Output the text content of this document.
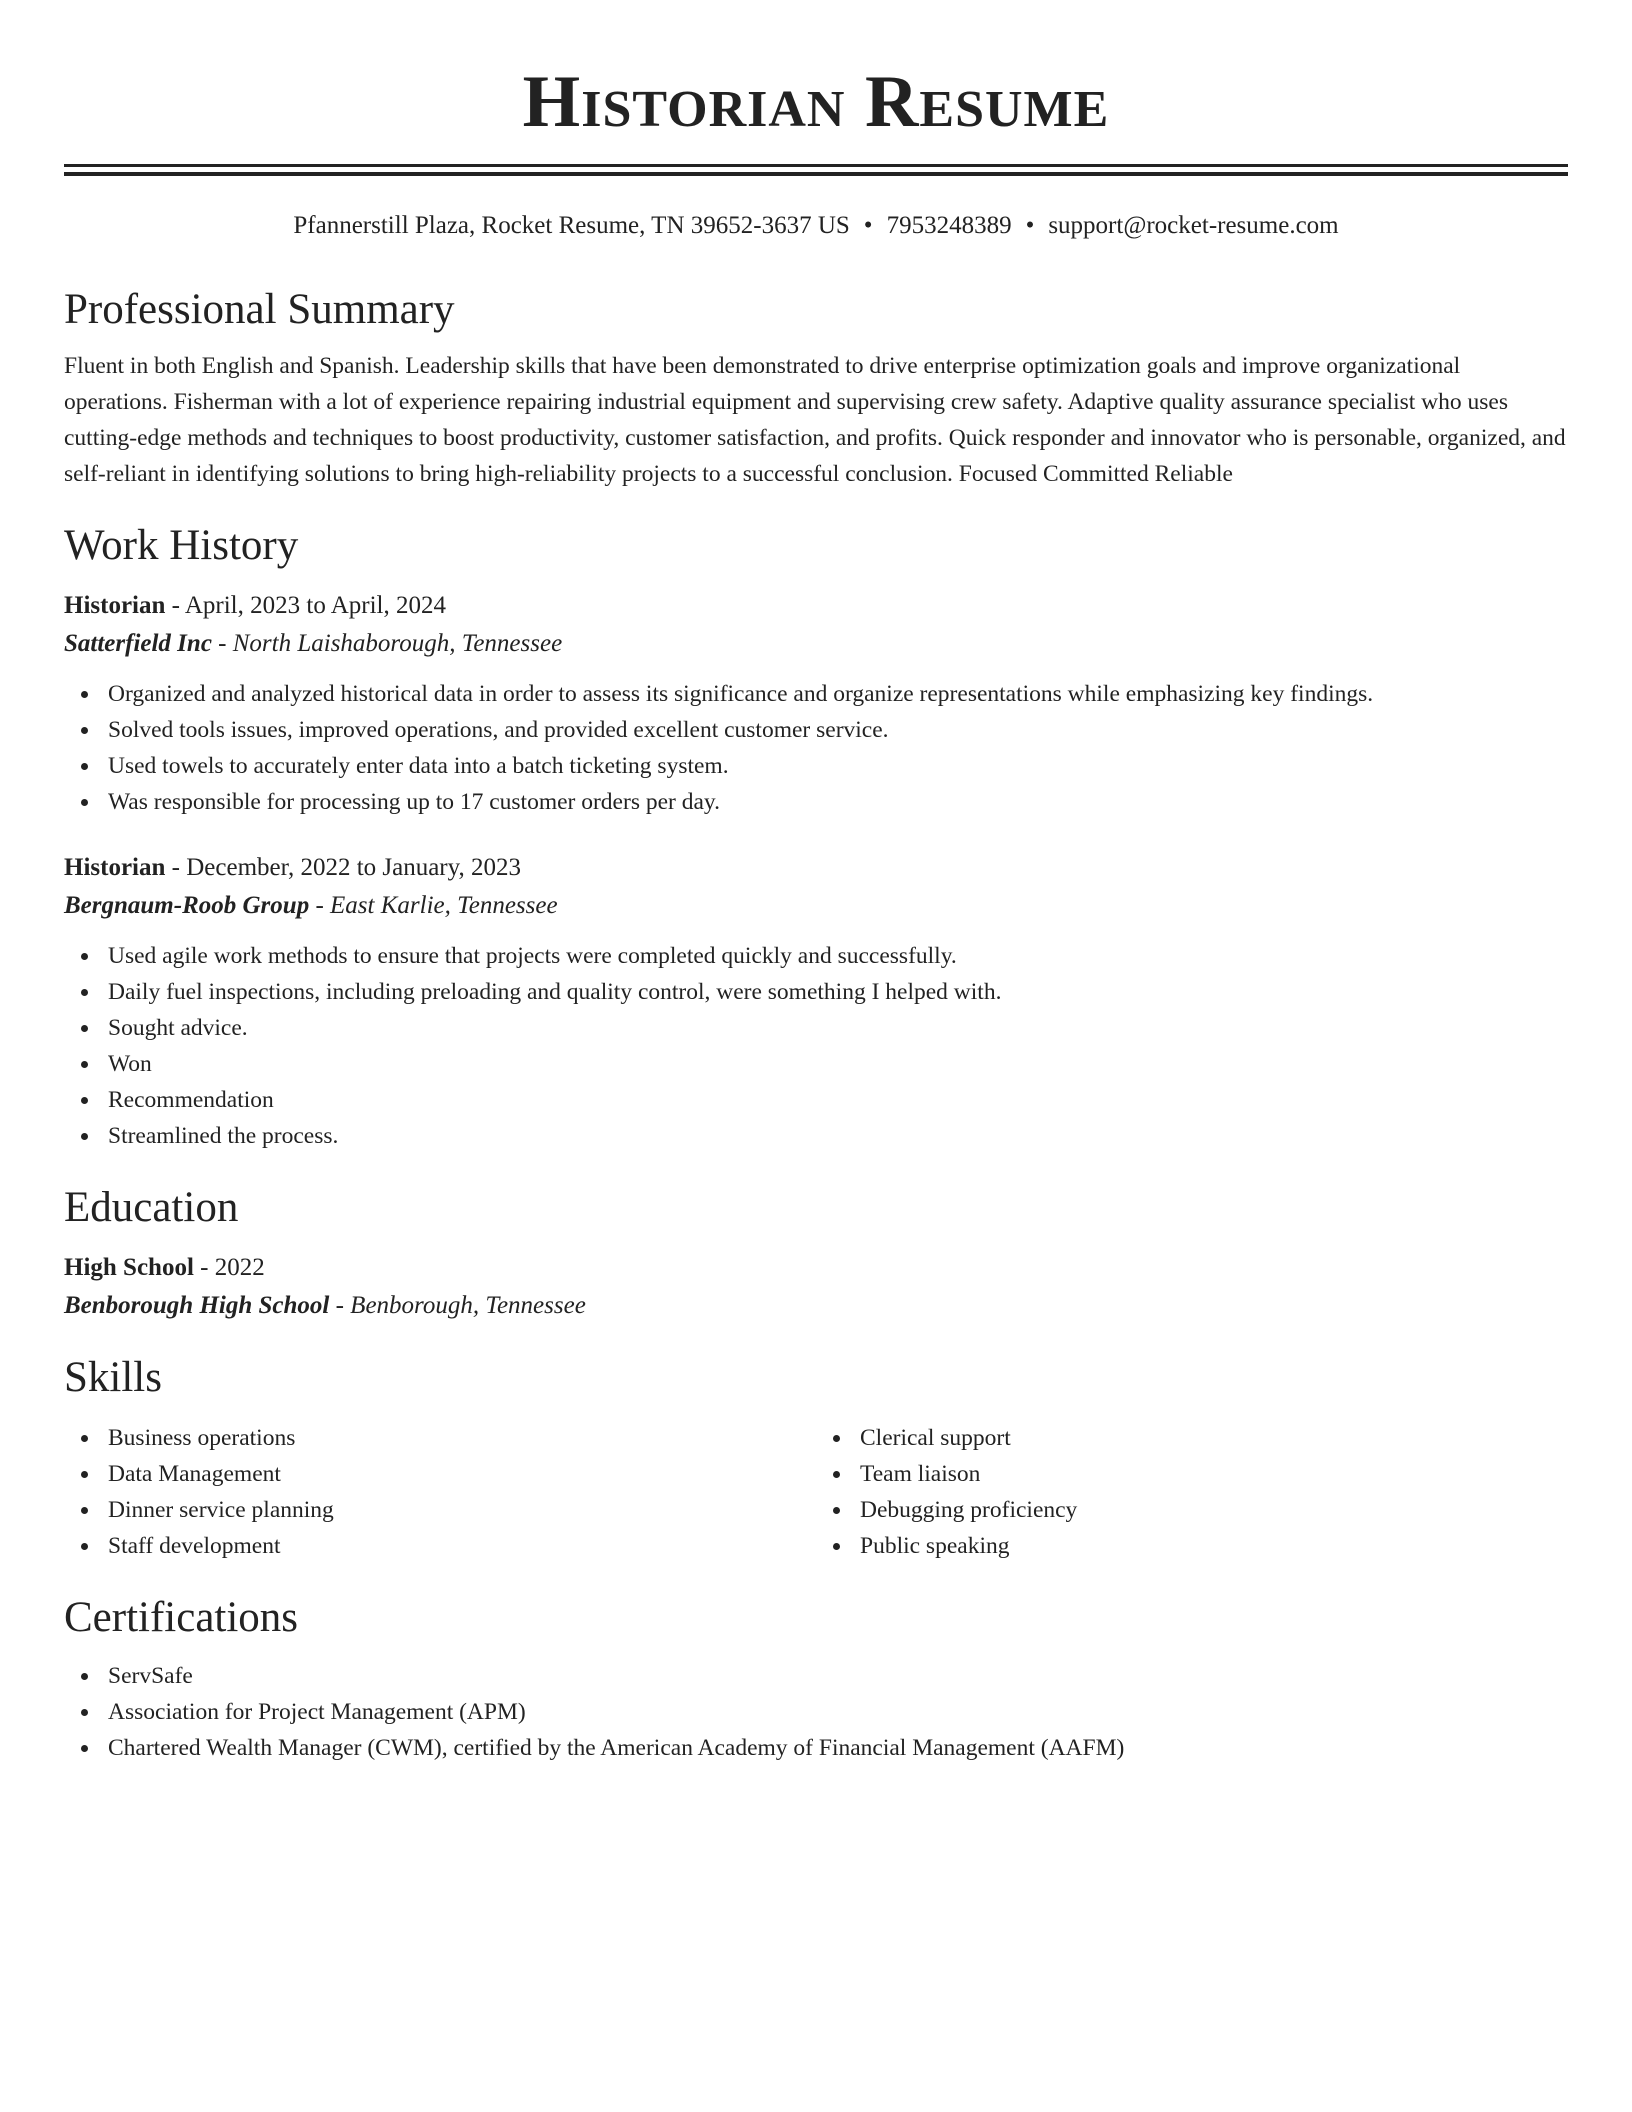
Historian Resume
Pfannerstill Plaza, Rocket Resume, TN 39652-3637 US • 7953248389 • support@rocket-resume.com
Professional Summary

Fluent in both English and Spanish. Leadership skills that have been demonstrated to drive enterprise optimization goals and improve organizational operations. Fisherman with a lot of experience repairing industrial equipment and supervising crew safety. Adaptive quality assurance specialist who uses cutting-edge methods and techniques to boost productivity, customer satisfaction, and profits. Quick responder and innovator who is personable, organized, and self-reliant in identifying solutions to bring high-reliability projects to a successful conclusion. Focused Committed Reliable

Work History
Historian - April, 2023 to April, 2024
Satterfield Inc - North Laishaborough, Tennessee
Organized and analyzed historical data in order to assess its significance and organize representations while emphasizing key findings.
Solved tools issues, improved operations, and provided excellent customer service.
Used towels to accurately enter data into a batch ticketing system.
Was responsible for processing up to 17 customer orders per day.
Historian - December, 2022 to January, 2023
Bergnaum-Roob Group - East Karlie, Tennessee
Used agile work methods to ensure that projects were completed quickly and successfully.
Daily fuel inspections, including preloading and quality control, were something I helped with.
Sought advice.
Won
Recommendation
Streamlined the process.
Education
High School - 2022
Benborough High School - Benborough, Tennessee
Skills
Business operations
Data Management
Dinner service planning
Staff development
Clerical support
Team liaison
Debugging proficiency
Public speaking
Certifications
ServSafe
Association for Project Management (APM)
Chartered Wealth Manager (CWM), certified by the American Academy of Financial Management (AAFM)
